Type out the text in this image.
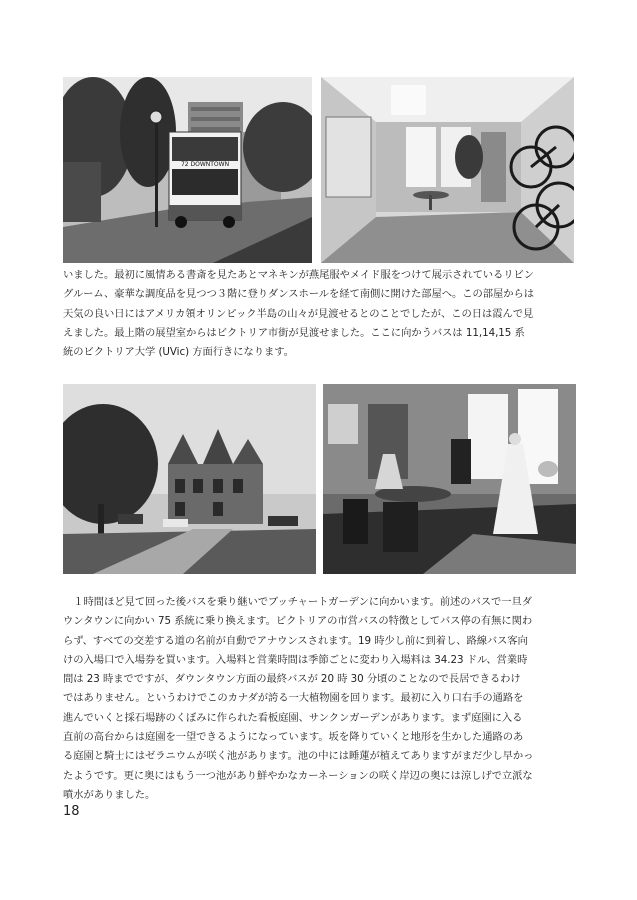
72 DOWNTOWN
いました。最初に風情ある書斎を見たあとマネキンが燕尾服やメイド服をつけて展示されているリビン
グルーム、豪華な調度品を見つつ３階に登りダンスホールを経て南側に開けた部屋へ。この部屋からは
天気の良い日にはアメリカ領オリンピック半島の山々が見渡せるとのことでしたが、この日は霞んで見
えました。最上階の展望室からはビクトリア市街が見渡せました。ここに向かうバスは 11,14,15 系
統のビクトリア大学 (UVic) 方面行きになります。
　１時間ほど見て回った後バスを乗り継いでブッチャートガーデンに向かいます。前述のバスで一旦ダ
ウンタウンに向かい 75 系統に乗り換えます。ビクトリアの市営バスの特徴としてバス停の有無に関わ
らず、すべての交差する道の名前が自動でアナウンスされます。19 時少し前に到着し、路線バス客向
けの入場口で入場券を買います。入場料と営業時間は季節ごとに変わり入場料は 34.23 ドル、営業時
間は 23 時までですが、ダウンタウン方面の最終バスが 20 時 30 分頃のことなので長居できるわけ
ではありません。というわけでこのカナダが誇る一大植物園を回ります。最初に入り口右手の通路を
進んでいくと採石場跡のくぼみに作られた看板庭園、サンクンガーデンがあります。まず庭園に入る
直前の高台からは庭園を一望できるようになっています。坂を降りていくと地形を生かした通路のあ
る庭園と騎士にはゼラニウムが咲く池があります。池の中には睡蓮が植えてありますがまだ少し早かっ
たようです。更に奥にはもう一つ池があり鮮やかなカーネーションの咲く岸辺の奥には涼しげで立派な
噴水がありました。
18
